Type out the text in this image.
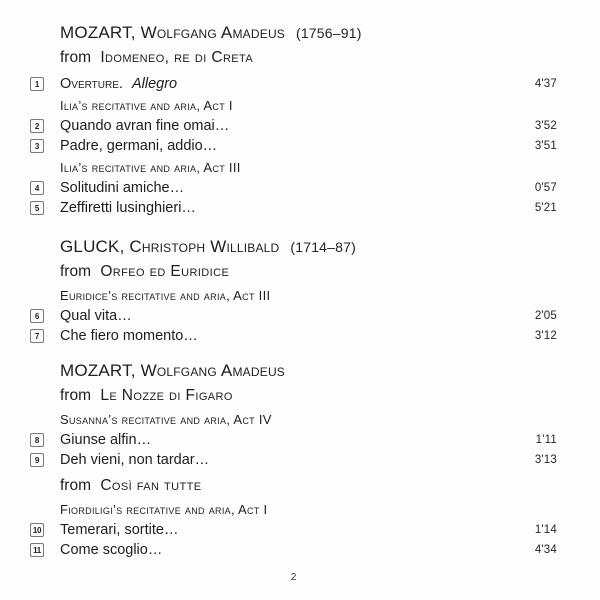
MOZART, Wolfgang Amadeus (1756–91)
from Idomeneo, re di Creta
1 Overture. Allegro	4'37
Ilia’s recitative and aria, Act I
2 Quando avran fine omai…	3'52
3 Padre, germani, addio…	3'51
Ilia’s recitative and aria, Act III
4 Solitudini amiche…	0'57
5 Zeffiretti lusinghieri…	5'21
GLUCK, Christoph Willibald (1714–87)
from Orfeo ed Euridice
Euridice’s recitative and aria, Act III
6 Qual vita…	2'05
7 Che fiero momento…	3'12
MOZART, Wolfgang Amadeus
from Le Nozze di Figaro
Susanna’s recitative and aria, Act IV
8 Giunse alfin…	1'11
9 Deh vieni, non tardar…	3'13
from Così fan tutte
Fiordiligi’s recitative and aria, Act I
10 Temerari, sortite…	1'14
11 Come scoglio…	4'34
2
